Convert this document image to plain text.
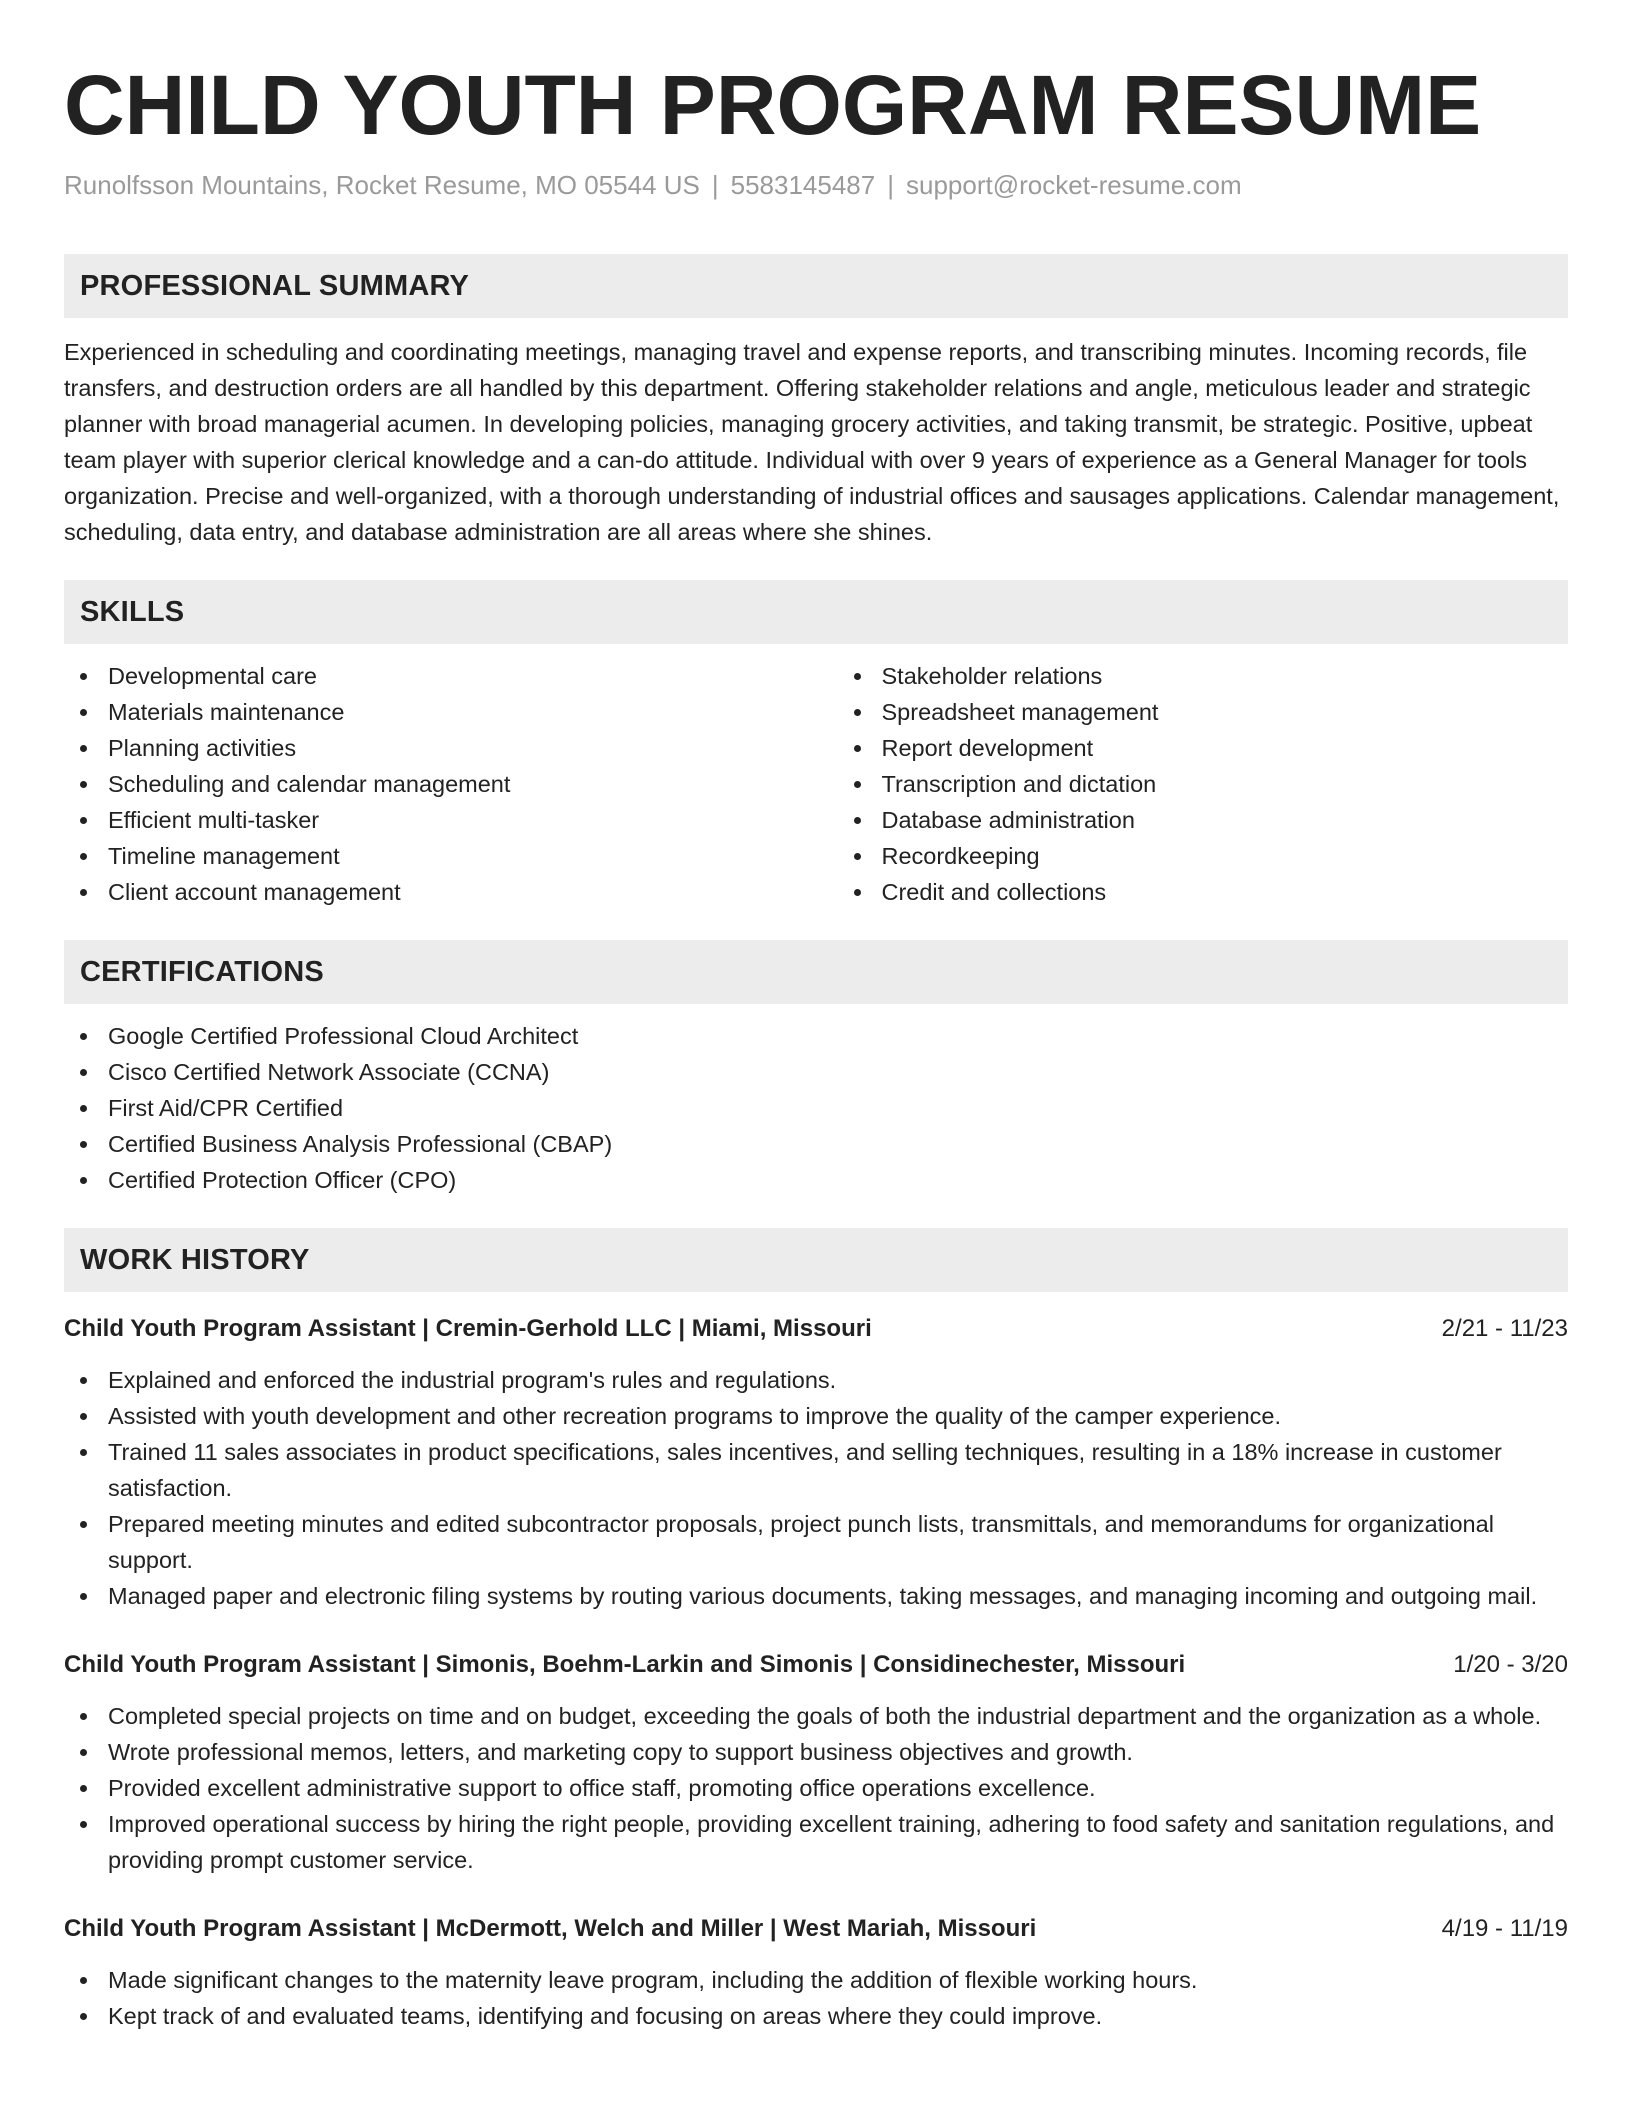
CHILD YOUTH PROGRAM RESUME
Runolfsson Mountains, Rocket Resume, MO 05544 US | 5583145487 | support@rocket-resume.com
PROFESSIONAL SUMMARY

Experienced in scheduling and coordinating meetings, managing travel and expense reports, and transcribing minutes. Incoming records, file transfers, and destruction orders are all handled by this department. Offering stakeholder relations and angle, meticulous leader and strategic planner with broad managerial acumen. In developing policies, managing grocery activities, and taking transmit, be strategic. Positive, upbeat team player with superior clerical knowledge and a can-do attitude. Individual with over 9 years of experience as a General Manager for tools organization. Precise and well-organized, with a thorough understanding of industrial offices and sausages applications. Calendar management, scheduling, data entry, and database administration are all areas where she shines.

SKILLS
Developmental care
Materials maintenance
Planning activities
Scheduling and calendar management
Efficient multi-tasker
Timeline management
Client account management
Stakeholder relations
Spreadsheet management
Report development
Transcription and dictation
Database administration
Recordkeeping
Credit and collections
CERTIFICATIONS
Google Certified Professional Cloud Architect
Cisco Certified Network Associate (CCNA)
First Aid/CPR Certified
Certified Business Analysis Professional (CBAP)
Certified Protection Officer (CPO)
WORK HISTORY
Child Youth Program Assistant | Cremin-Gerhold LLC | Miami, Missouri	2/21 - 11/23
Explained and enforced the industrial program's rules and regulations.
Assisted with youth development and other recreation programs to improve the quality of the camper experience.
Trained 11 sales associates in product specifications, sales incentives, and selling techniques, resulting in a 18% increase in customer satisfaction.
Prepared meeting minutes and edited subcontractor proposals, project punch lists, transmittals, and memorandums for organizational support.
Managed paper and electronic filing systems by routing various documents, taking messages, and managing incoming and outgoing mail.
Child Youth Program Assistant | Simonis, Boehm-Larkin and Simonis | Considinechester, Missouri	1/20 - 3/20
Completed special projects on time and on budget, exceeding the goals of both the industrial department and the organization as a whole.
Wrote professional memos, letters, and marketing copy to support business objectives and growth.
Provided excellent administrative support to office staff, promoting office operations excellence.
Improved operational success by hiring the right people, providing excellent training, adhering to food safety and sanitation regulations, and providing prompt customer service.
Child Youth Program Assistant | McDermott, Welch and Miller | West Mariah, Missouri	4/19 - 11/19
Made significant changes to the maternity leave program, including the addition of flexible working hours.
Kept track of and evaluated teams, identifying and focusing on areas where they could improve.
